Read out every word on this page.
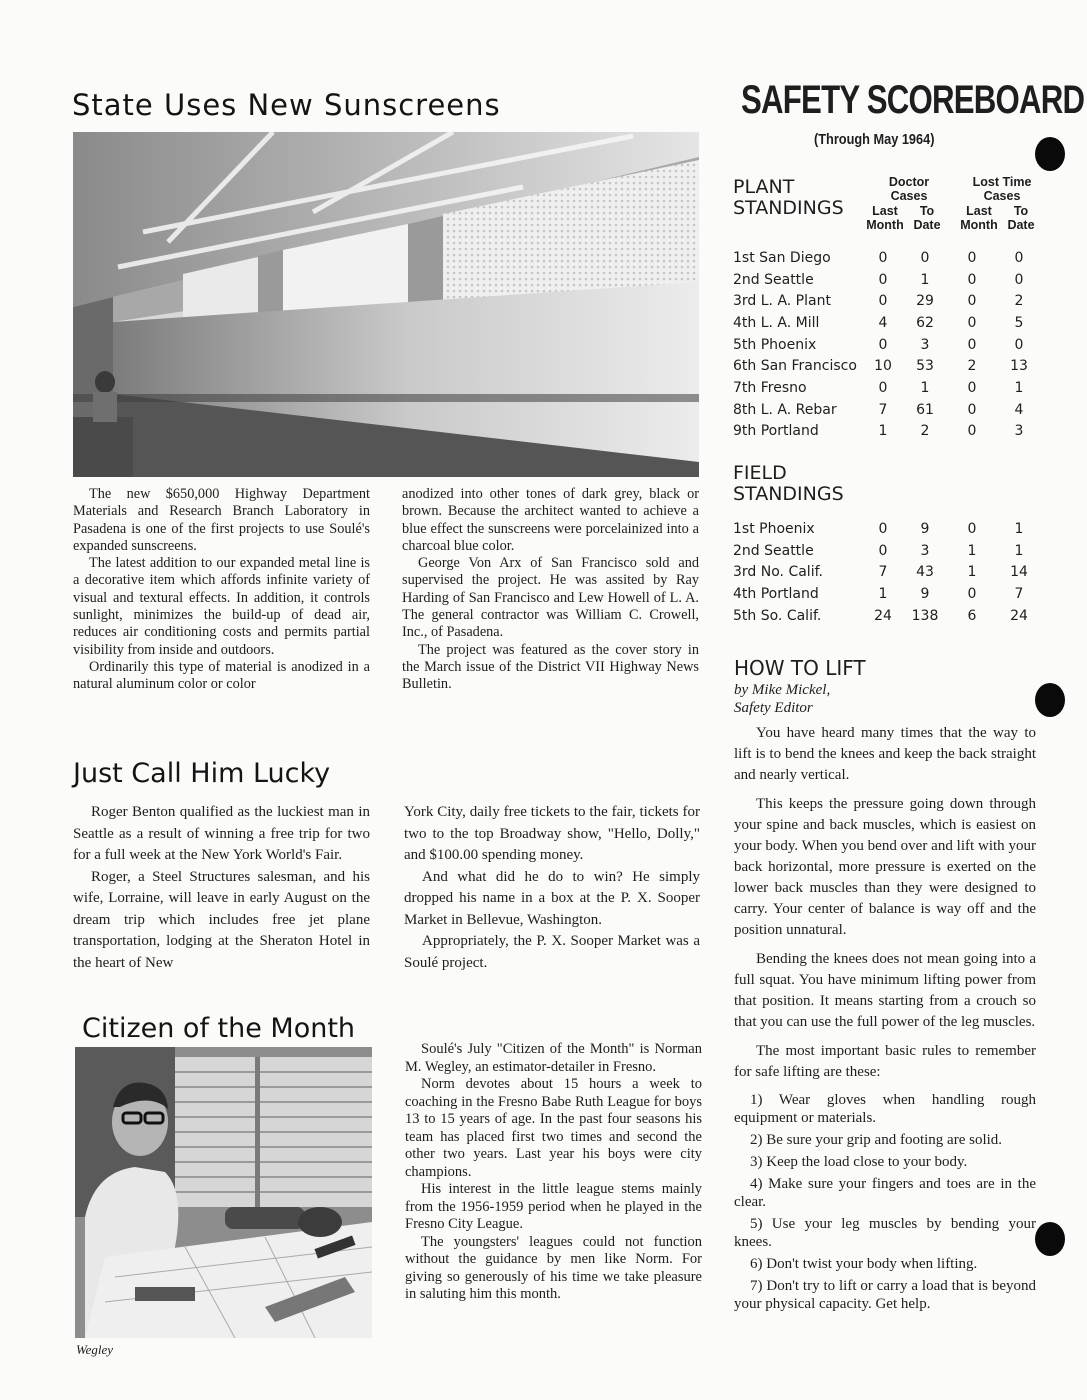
State Uses New Sunscreens

The new $650,000 Highway Department Materials and Research Branch Laboratory in Pasadena is one of the first projects to use Soulé's expanded sunscreens.

The latest addition to our expanded metal line is a decorative item which affords infinite variety of visual and textural effects. In addition, it controls sunlight, minimizes the build-up of dead air, reduces air conditioning costs and permits partial visibility from inside and outdoors.

Ordinarily this type of material is anodized in a natural aluminum color or color

anodized into other tones of dark grey, black or brown. Because the architect wanted to achieve a blue effect the sunscreens were porcelainized into a charcoal blue color.

George Von Arx of San Francisco sold and supervised the project. He was assited by Ray Harding of San Francisco and Lew Howell of L. A. The general contractor was William C. Crowell, Inc., of Pasadena.

The project was featured as the cover story in the March issue of the District VII Highway News Bulletin.

Just Call Him Lucky

Roger Benton qualified as the luckiest man in Seattle as a result of winning a free trip for two for a full week at the New York World's Fair.

Roger, a Steel Structures salesman, and his wife, Lorraine, will leave in early August on the dream trip which includes free jet plane transportation, lodging at the Sheraton Hotel in the heart of New

York City, daily free tickets to the fair, tickets for two to the top Broadway show, "Hello, Dolly," and $100.00 spending money.

And what did he do to win? He simply dropped his name in a box at the P. X. Sooper Market in Bellevue, Washington.

Appropriately, the P. X. Sooper Market was a Soulé project.

Citizen of the Month
Wegley

Soulé's July "Citizen of the Month" is Norman M. Wegley, an estimator-detailer in Fresno.

Norm devotes about 15 hours a week to coaching in the Fresno Babe Ruth League for boys 13 to 15 years of age. In the past four seasons his team has placed first two times and second the other two years. Last year his boys were city champions.

His interest in the little league stems mainly from the 1956-1959 period when he played in the Fresno City League.

The youngsters' leagues could not function without the guidance by men like Norm. For giving so generously of his time we take pleasure in saluting him this month.

SAFETY SCOREBOARD
(Through May 1964)
PLANT
STANDINGS
Doctor
Cases
Lost Time
Cases
Last
Month
To
Date
Last
Month
To
Date
1st San Diego	0	0	0	0
2nd Seattle	0	1	0	0
3rd L. A. Plant	0	29	0	2
4th L. A. Mill	4	62	0	5
5th Phoenix	0	3	0	0
6th San Francisco	10	53	2	13
7th Fresno	0	1	0	1
8th L. A. Rebar	7	61	0	4
9th Portland	1	2	0	3
FIELD
STANDINGS
1st Phoenix	0	9	0	1
2nd Seattle	0	3	1	1
3rd No. Calif.	7	43	1	14
4th Portland	1	9	0	7
5th So. Calif.	24	138	6	24
HOW TO LIFT
by Mike Mickel,
Safety Editor

You have heard many times that the way to lift is to bend the knees and keep the back straight and nearly vertical.

This keeps the pressure going down through your spine and back muscles, which is easiest on your body. When you bend over and lift with your back horizontal, more pressure is exerted on the lower back muscles than they were designed to carry. Your center of balance is way off and the position unnatural.

Bending the knees does not mean going into a full squat. You have minimum lifting power from that position. It means starting from a crouch so that you can use the full power of the leg muscles.

The most important basic rules to remember for safe lifting are these:

1) Wear gloves when handling rough equipment or materials.

2) Be sure your grip and footing are solid.

3) Keep the load close to your body.

4) Make sure your fingers and toes are in the clear.

5) Use your leg muscles by bending your knees.

6) Don't twist your body when lifting.

7) Don't try to lift or carry a load that is beyond your physical capacity. Get help.
